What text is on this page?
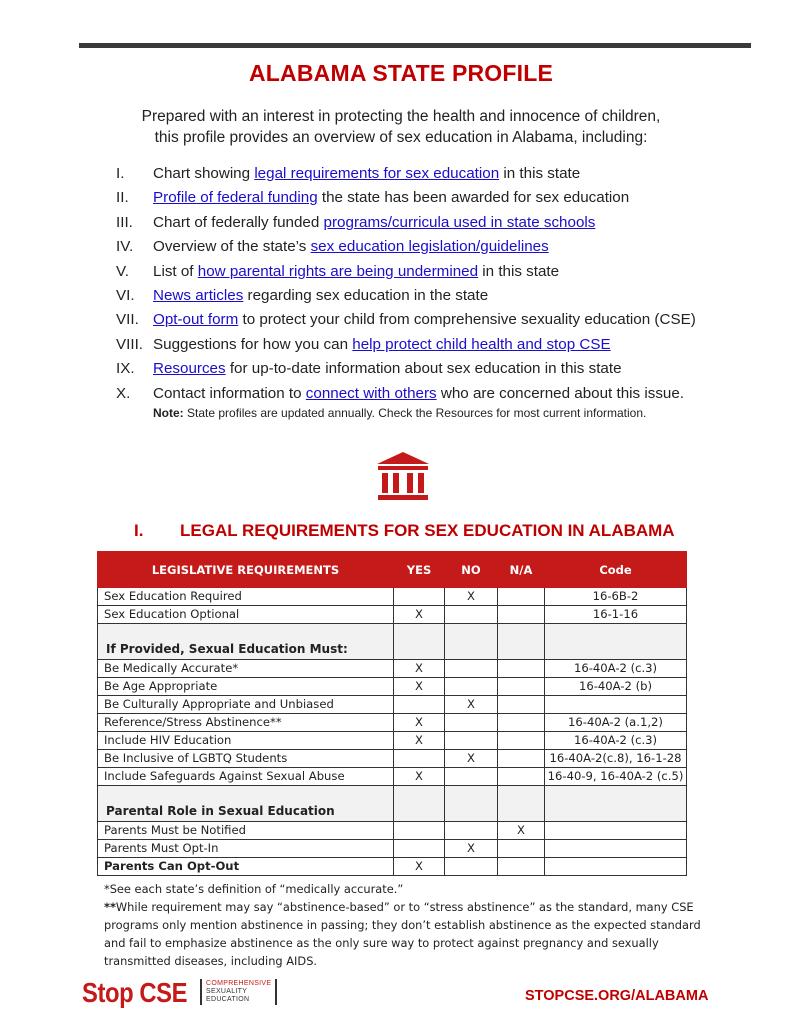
ALABAMA STATE PROFILE
Prepared with an interest in protecting the health and innocence of children,
this profile provides an overview of sex education in Alabama, including:
I. Chart showing legal requirements for sex education in this state
II. Profile of federal funding the state has been awarded for sex education
III. Chart of federally funded programs/curricula used in state schools
IV. Overview of the state’s sex education legislation/guidelines
V. List of how parental rights are being undermined in this state
VI. News articles regarding sex education in the state
VII. Opt-out form to protect your child from comprehensive sexuality education (CSE)
VIII. Suggestions for how you can help protect child health and stop CSE
IX. Resources for up-to-date information about sex education in this state
X. Contact information to connect with others who are concerned about this issue.
Note: State profiles are updated annually. Check the Resources for most current information.
I. LEGAL REQUIREMENTS FOR SEX EDUCATION IN ALABAMA
LEGISLATIVE REQUIREMENTS	YES	NO	N/A	Code
Sex Education Required		X		16-6B-2
Sex Education Optional	X			16-1-16
If Provided, Sexual Education Must:				
Be Medically Accurate*	X			16-40A-2 (c.3)
Be Age Appropriate	X			16-40A-2 (b)
Be Culturally Appropriate and Unbiased		X		
Reference/Stress Abstinence**	X			16-40A-2 (a.1,2)
Include HIV Education	X			16-40A-2 (c.3)
Be Inclusive of LGBTQ Students		X		16-40A-2(c.8), 16-1-28
Include Safeguards Against Sexual Abuse	X			16-40-9, 16-40A-2 (c.5)
Parental Role in Sexual Education				
Parents Must be Notified			X	
Parents Must Opt-In		X		
Parents Can Opt-Out	X			
*See each state’s definition of “medically accurate.”
**While requirement may say “abstinence-based” or to “stress abstinence” as the standard, many CSE programs only mention abstinence in passing; they don’t establish abstinence as the expected standard and fail to emphasize abstinence as the only sure way to protect against pregnancy and sexually transmitted diseases, including AIDS.
Stop CSE	COMPREHENSIVE
SEXUALITY
EDUCATION	STOPCSE.ORG/ALABAMA
